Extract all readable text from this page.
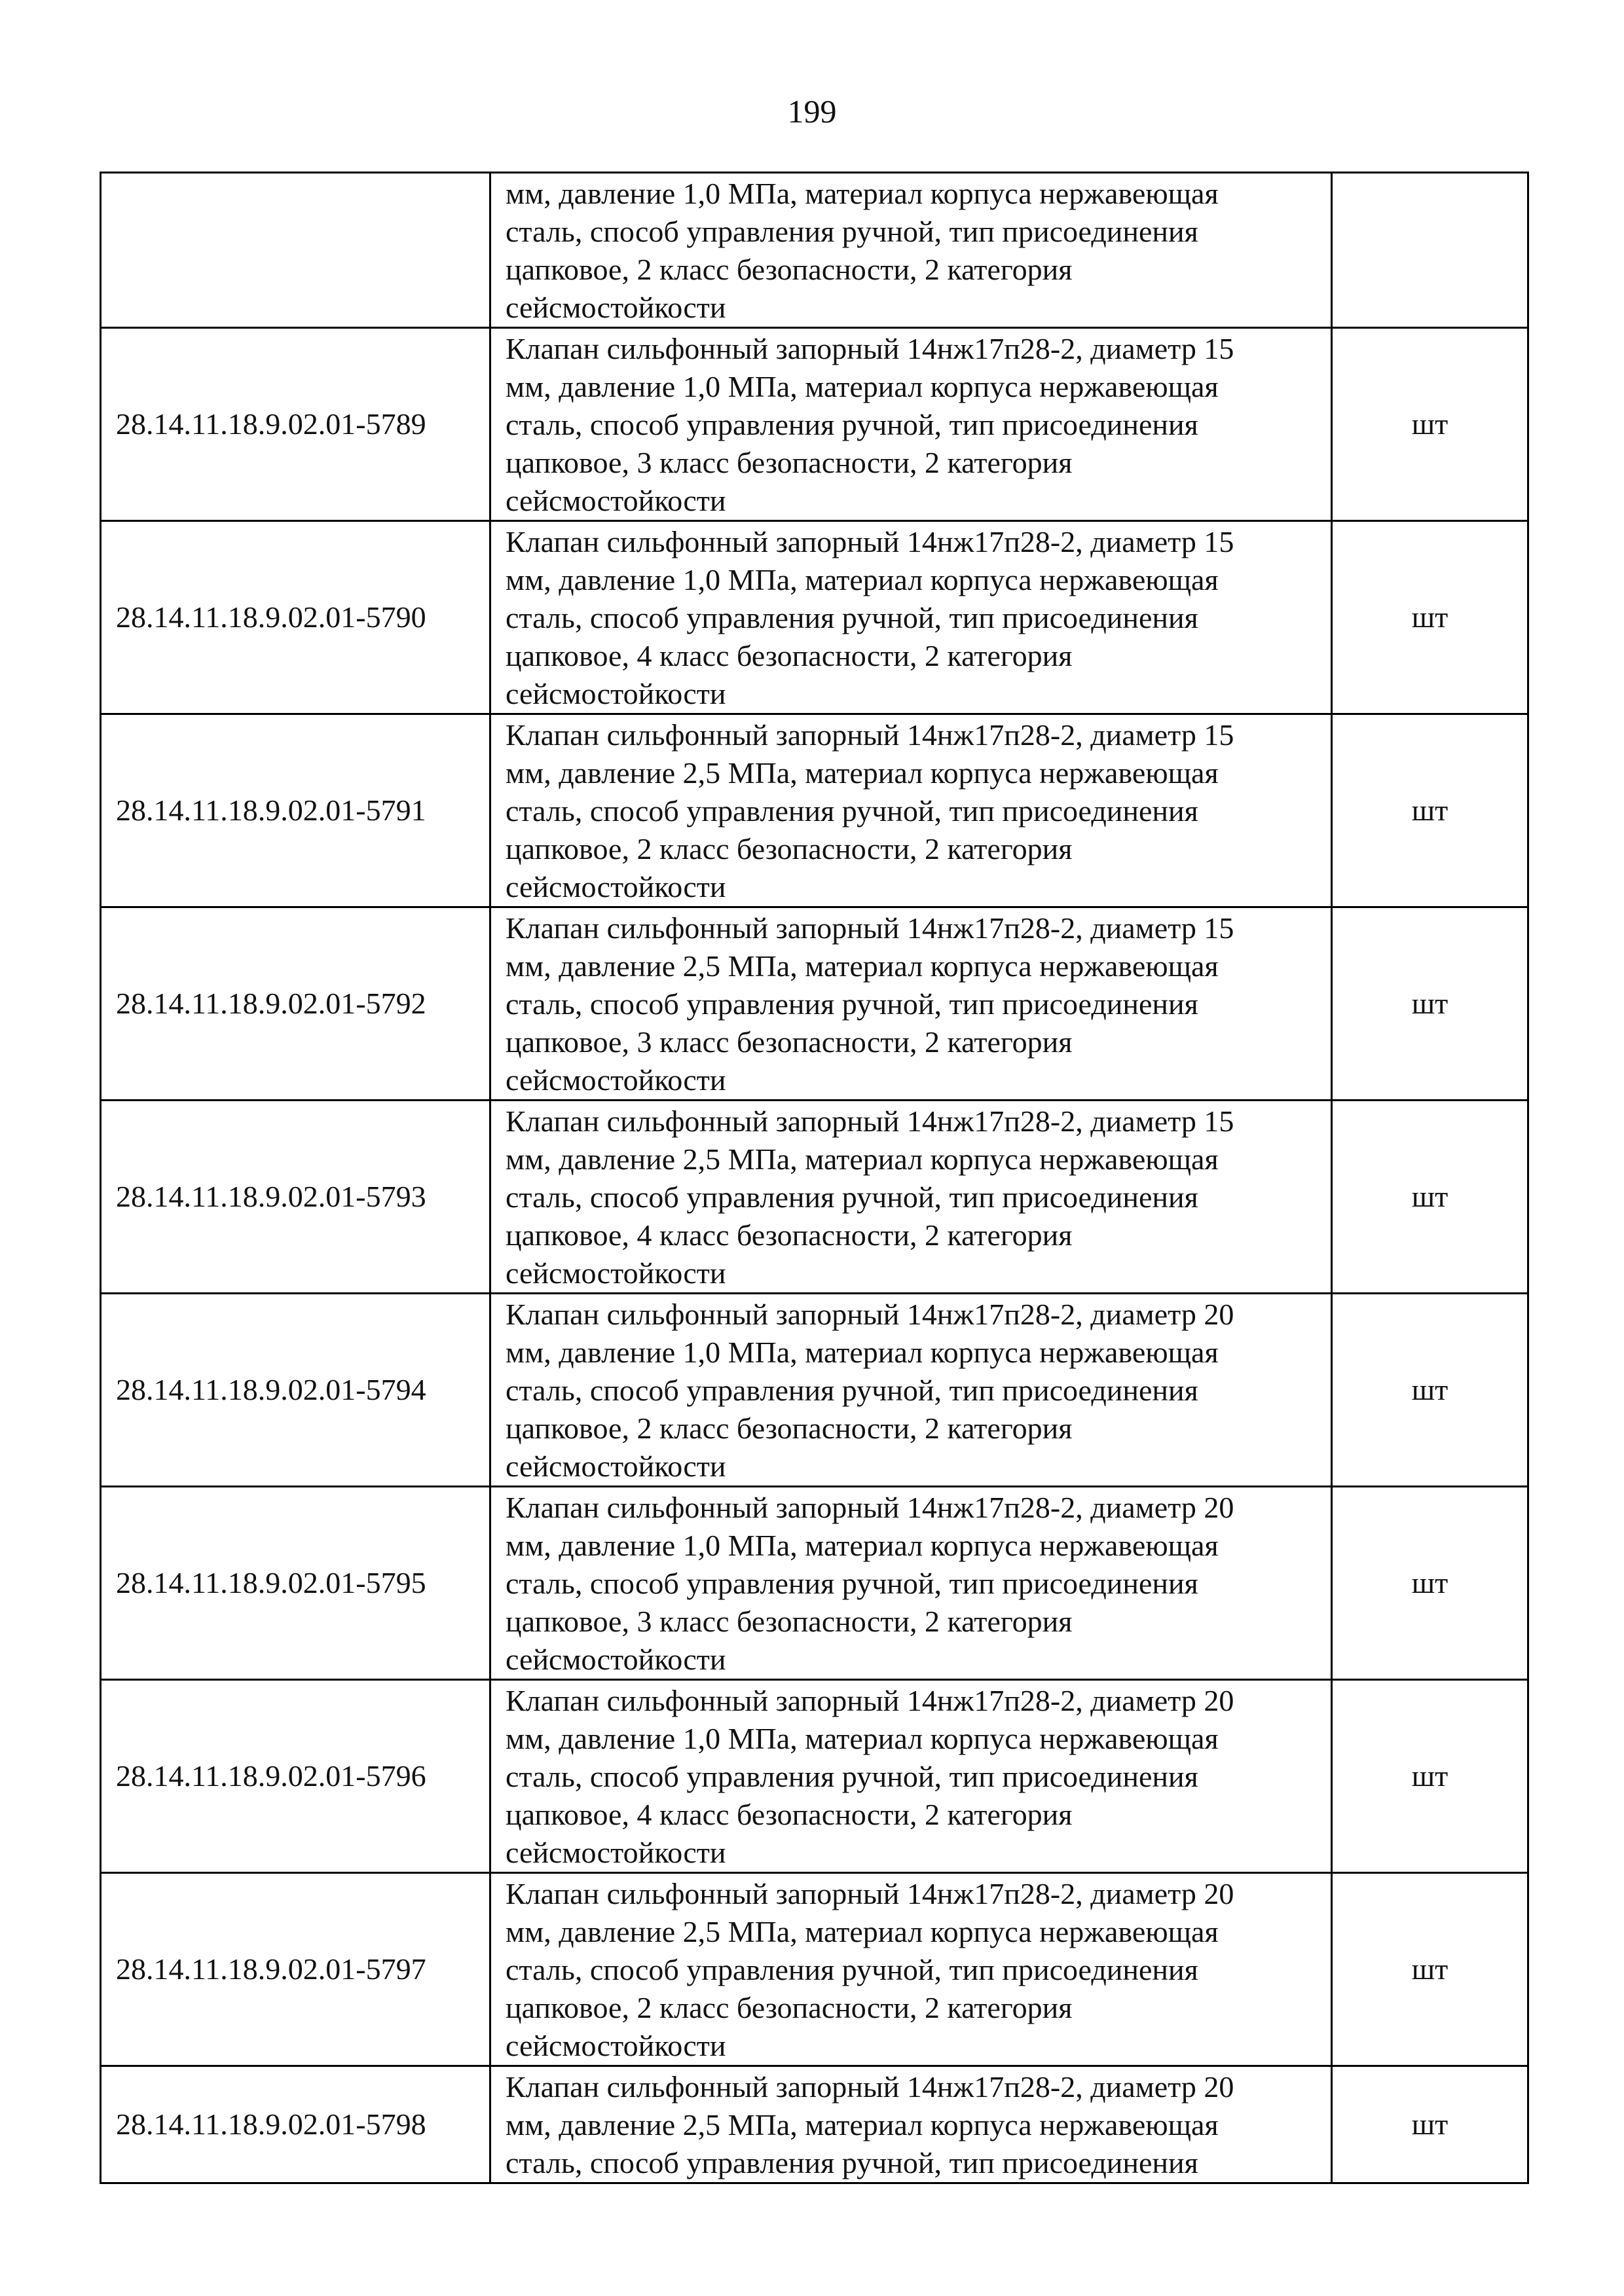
199
	мм, давление 1,0 МПа, материал корпуса нержавеющая
сталь, способ управления ручной, тип присоединения
цапковое, 2 класс безопасности, 2 категория
сейсмостойкости	
28.14.11.18.9.02.01-5789	Клапан сильфонный запорный 14нж17п28-2, диаметр 15
мм, давление 1,0 МПа, материал корпуса нержавеющая
сталь, способ управления ручной, тип присоединения
цапковое, 3 класс безопасности, 2 категория
сейсмостойкости	шт
28.14.11.18.9.02.01-5790	Клапан сильфонный запорный 14нж17п28-2, диаметр 15
мм, давление 1,0 МПа, материал корпуса нержавеющая
сталь, способ управления ручной, тип присоединения
цапковое, 4 класс безопасности, 2 категория
сейсмостойкости	шт
28.14.11.18.9.02.01-5791	Клапан сильфонный запорный 14нж17п28-2, диаметр 15
мм, давление 2,5 МПа, материал корпуса нержавеющая
сталь, способ управления ручной, тип присоединения
цапковое, 2 класс безопасности, 2 категория
сейсмостойкости	шт
28.14.11.18.9.02.01-5792	Клапан сильфонный запорный 14нж17п28-2, диаметр 15
мм, давление 2,5 МПа, материал корпуса нержавеющая
сталь, способ управления ручной, тип присоединения
цапковое, 3 класс безопасности, 2 категория
сейсмостойкости	шт
28.14.11.18.9.02.01-5793	Клапан сильфонный запорный 14нж17п28-2, диаметр 15
мм, давление 2,5 МПа, материал корпуса нержавеющая
сталь, способ управления ручной, тип присоединения
цапковое, 4 класс безопасности, 2 категория
сейсмостойкости	шт
28.14.11.18.9.02.01-5794	Клапан сильфонный запорный 14нж17п28-2, диаметр 20
мм, давление 1,0 МПа, материал корпуса нержавеющая
сталь, способ управления ручной, тип присоединения
цапковое, 2 класс безопасности, 2 категория
сейсмостойкости	шт
28.14.11.18.9.02.01-5795	Клапан сильфонный запорный 14нж17п28-2, диаметр 20
мм, давление 1,0 МПа, материал корпуса нержавеющая
сталь, способ управления ручной, тип присоединения
цапковое, 3 класс безопасности, 2 категория
сейсмостойкости	шт
28.14.11.18.9.02.01-5796	Клапан сильфонный запорный 14нж17п28-2, диаметр 20
мм, давление 1,0 МПа, материал корпуса нержавеющая
сталь, способ управления ручной, тип присоединения
цапковое, 4 класс безопасности, 2 категория
сейсмостойкости	шт
28.14.11.18.9.02.01-5797	Клапан сильфонный запорный 14нж17п28-2, диаметр 20
мм, давление 2,5 МПа, материал корпуса нержавеющая
сталь, способ управления ручной, тип присоединения
цапковое, 2 класс безопасности, 2 категория
сейсмостойкости	шт
28.14.11.18.9.02.01-5798	Клапан сильфонный запорный 14нж17п28-2, диаметр 20
мм, давление 2,5 МПа, материал корпуса нержавеющая
сталь, способ управления ручной, тип присоединения	шт
